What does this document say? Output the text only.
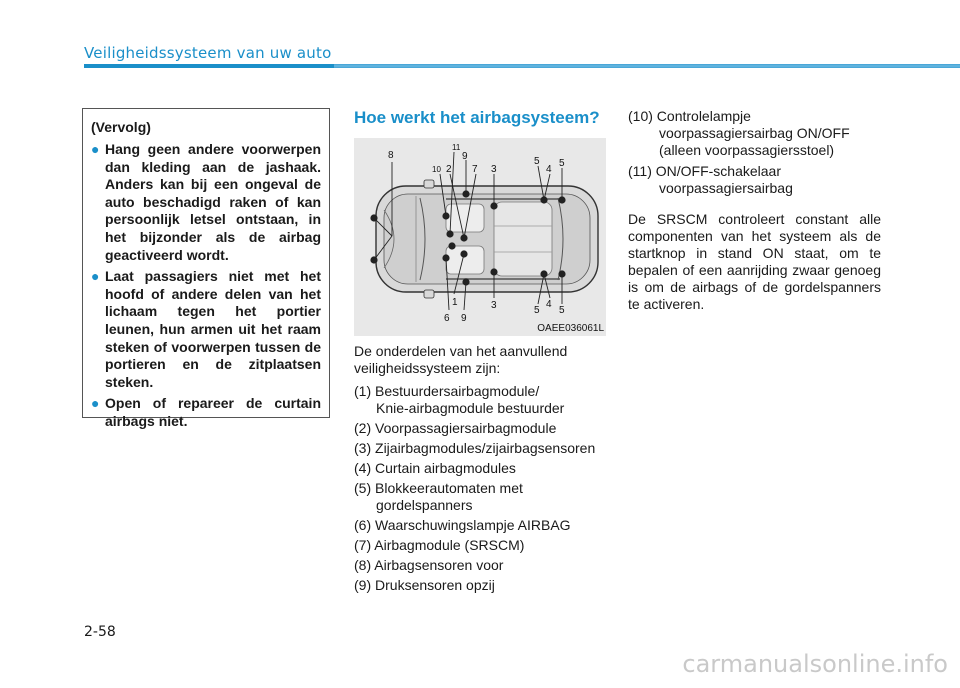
Veiligheidssysteem van uw auto
(Vervolg)
● Hang geen andere voorwerpen dan kleding aan de jashaak. Anders kan bij een ongeval de auto beschadigd raken of kan persoonlijk letsel ontstaan, in het bijzonder als de airbag geactiveerd wordt.
● Laat passagiers niet met het hoofd of andere delen van het lichaam tegen het portier leunen, hun armen uit het raam steken of voorwerpen tussen de portieren en de zitplaatsen steken.
● Open of repareer de curtain airbags niet.
Hoe werkt het airbagsysteem?
8
11
9
10 2 7 3
5
4
5
1	3
6 9
5
4
5
OAEE036061L

De onderdelen van het aanvullend veiligheidssysteem zijn:

(1) Bestuurdersairbagmodule/
Knie-airbagmodule bestuurder
(2) Voorpassagiersairbagmodule
(3) Zijairbagmodules/zijairbagsensoren
(4) Curtain airbagmodules
(5) Blokkeerautomaten met
gordelspanners
(6) Waarschuwingslampje AIRBAG
(7) Airbagmodule (SRSCM)
(8) Airbagsensoren voor
(9) Druksensoren opzij
(10) Controlelampje
voorpassagiersairbag ON/OFF
(alleen voorpassagiersstoel)
(11) ON/OFF-schakelaar
voorpassagiersairbag

De SRSCM controleert constant alle componenten van het systeem als de startknop in stand ON staat, om te bepalen of een aanrijding zwaar genoeg is om de airbags of de gordelspanners te activeren.

2-58
carmanualsonline.info
